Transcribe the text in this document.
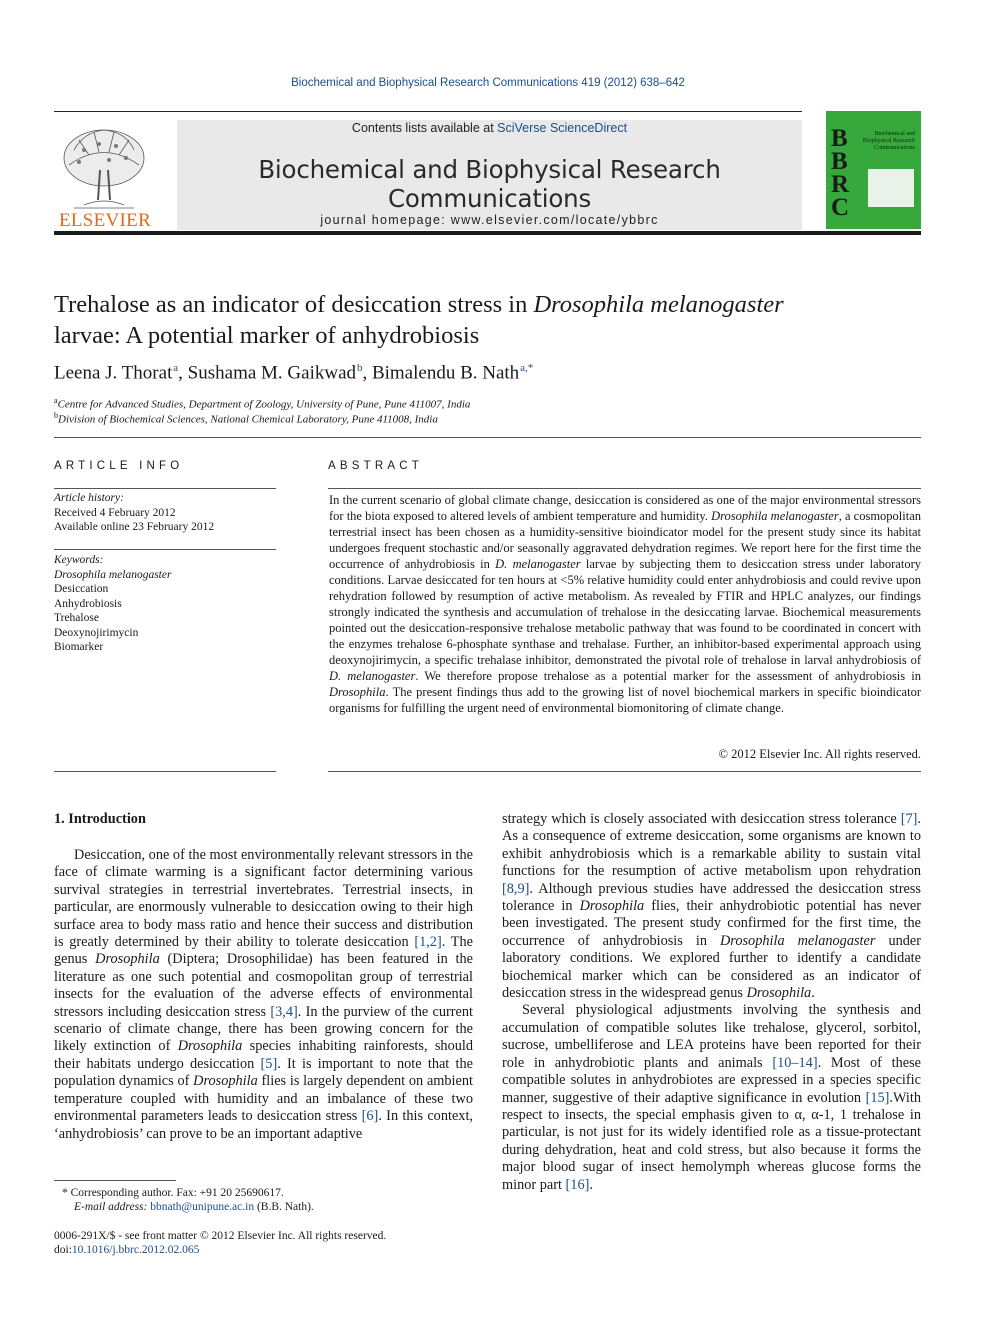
Biochemical and Biophysical Research Communications 419 (2012) 638–642
ELSEVIER
Contents lists available at SciVerse ScienceDirect
Biochemical and Biophysical Research Communications
journal homepage: www.elsevier.com/locate/ybbrc
B
B
R
C
Biochemical and Biophysical Research Communications
Trehalose as an indicator of desiccation stress in Drosophila melanogaster
larvae: A potential marker of anhydrobiosis
Leena J. Thorat $^a$, Sushama M. Gaikwad $^b$, Bimalendu B. Nath $^{a,*}$
$^a$Centre for Advanced Studies, Department of Zoology, University of Pune, Pune 411007, India
$^b$Division of Biochemical Sciences, National Chemical Laboratory, Pune 411008, India
ARTICLE INFO
Article history:
Received 4 February 2012
Available online 23 February 2012
Keywords:
Drosophila melanogaster
Desiccation
Anhydrobiosis
Trehalose
Deoxynojirimycin
Biomarker
ABSTRACT
In the current scenario of global climate change, desiccation is considered as one of the major environmental stressors for the biota exposed to altered levels of ambient temperature and humidity. Drosophila melanogaster, a cosmopolitan terrestrial insect has been chosen as a humidity-sensitive bioindicator model for the present study since its habitat undergoes frequent stochastic and/or seasonally aggravated dehydration regimes. We report here for the first time the occurrence of anhydrobiosis in D. melanogaster larvae by subjecting them to desiccation stress under laboratory conditions. Larvae desiccated for ten hours at <5% relative humidity could enter anhydrobiosis and could revive upon rehydration followed by resumption of active metabolism. As revealed by FTIR and HPLC analyzes, our findings strongly indicated the synthesis and accumulation of trehalose in the desiccating larvae. Biochemical measurements pointed out the desiccation-responsive trehalose metabolic pathway that was found to be coordinated in concert with the enzymes trehalose 6-phosphate synthase and trehalase. Further, an inhibitor-based experimental approach using deoxynojirimycin, a specific trehalase inhibitor, demonstrated the pivotal role of trehalose in larval anhydrobiosis of D. melanogaster. We therefore propose trehalose as a potential marker for the assessment of anhydrobiosis in Drosophila. The present findings thus add to the growing list of novel biochemical markers in specific bioindicator organisms for fulfilling the urgent need of environmental biomonitoring of climate change.
© 2012 Elsevier Inc. All rights reserved.
1. Introduction

Desiccation, one of the most environmentally relevant stressors in the face of climate warming is a significant factor determining various survival strategies in terrestrial invertebrates. Terrestrial insects, in particular, are enormously vulnerable to desiccation owing to their high surface area to body mass ratio and hence their success and distribution is greatly determined by their ability to tolerate desiccation [1,2]. The genus Drosophila (Diptera; Drosophilidae) has been featured in the literature as one such potential and cosmopolitan group of terrestrial insects for the evaluation of the adverse effects of environmental stressors including desiccation stress [3,4]. In the purview of the current scenario of climate change, there has been growing concern for the likely extinction of Drosophila species inhabiting rainforests, should their habitats undergo desiccation [5]. It is important to note that the population dynamics of Drosophila flies is largely dependent on ambient temperature coupled with humidity and an imbalance of these two environmental parameters leads to desiccation stress [6]. In this context, ‘anhydrobiosis’ can prove to be an important adaptive

strategy which is closely associated with desiccation stress tolerance [7]. As a consequence of extreme desiccation, some organisms are known to exhibit anhydrobiosis which is a remarkable ability to sustain vital functions for the resumption of active metabolism upon rehydration [8,9]. Although previous studies have addressed the desiccation stress tolerance in Drosophila flies, their anhydrobiotic potential has never been investigated. The present study confirmed for the first time, the occurrence of anhydrobiosis in Drosophila melanogaster under laboratory conditions. We explored further to identify a candidate biochemical marker which can be considered as an indicator of desiccation stress in the widespread genus Drosophila.

Several physiological adjustments involving the synthesis and accumulation of compatible solutes like trehalose, glycerol, sorbitol, sucrose, umbelliferose and LEA proteins have been reported for their role in anhydrobiotic plants and animals [10–14]. Most of these compatible solutes in anhydrobiotes are expressed in a species specific manner, suggestive of their adaptive significance in evolution [15].With respect to insects, the special emphasis given to α, α-1, 1 trehalose in particular, is not just for its widely identified role as a tissue-protectant during dehydration, heat and cold stress, but also because it forms the major blood sugar of insect hemolymph whereas glucose forms the minor part [16].

* Corresponding author. Fax: +91 20 25690617.
E-mail address: bbnath@unipune.ac.in (B.B. Nath).
0006-291X/$ - see front matter © 2012 Elsevier Inc. All rights reserved.
doi:10.1016/j.bbrc.2012.02.065
